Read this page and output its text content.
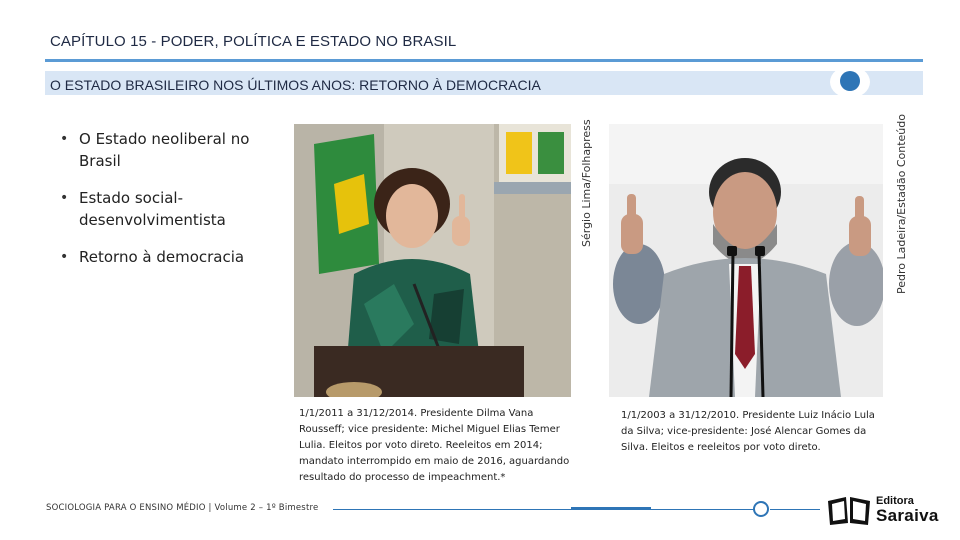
CAPÍTULO 15 - PODER, POLÍTICA E ESTADO NO BRASIL
O ESTADO BRASILEIRO NOS ÚLTIMOS ANOS: RETORNO À DEMOCRACIA
• O Estado neoliberal no Brasil
• Estado social-desenvolvimentista
• Retorno à democracia
Sérgio Lima/Folhapress
1/1/2011 a 31/12/2014. Presidente Dilma Vana Rousseff; vice presidente: Michel Miguel Elias Temer Lulia. Eleitos por voto direto. Reeleitos em 2014; mandato interrompido em maio de 2016, aguardando resultado do processo de impeachment.*
Pedro Ladeira/Estadão Conteúdo
1/1/2003 a 31/12/2010. Presidente Luiz Inácio Lula da Silva; vice-presidente: José Alencar Gomes da Silva. Eleitos e reeleitos por voto direto.
SOCIOLOGIA PARA O ENSINO MÉDIO | Volume 2 – 1º Bimestre
Editora
Saraiva
